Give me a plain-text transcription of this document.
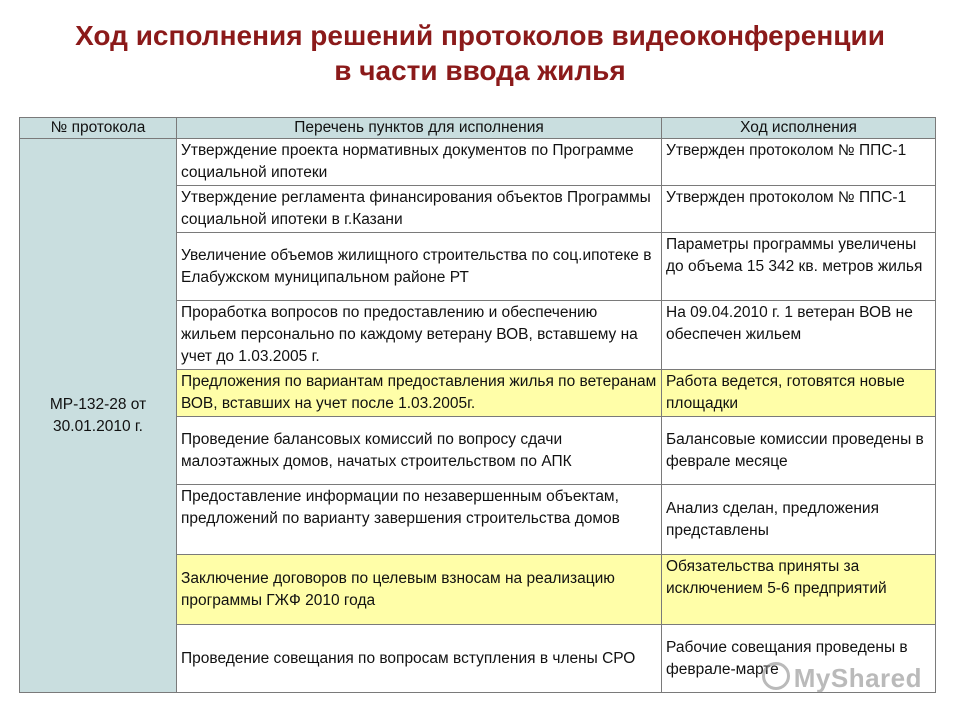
Ход исполнения решений протоколов видеоконференции
в части ввода жилья
№ протокола	Перечень пунктов для исполнения	Ход исполнения
МР-132-28 от 30.01.2010 г.	Утверждение проекта нормативных документов по Программе социальной ипотеки	Утвержден протоколом № ППС-1
	Утверждение регламента финансирования объектов Программы социальной ипотеки в г.Казани	Утвержден протоколом № ППС-1
	Увеличение объемов жилищного строительства по соц.ипотеке в Елабужском муниципальном районе РТ	Параметры программы увеличены до объема 15 342 кв. метров жилья
	Проработка вопросов по предоставлению и обеспечению жильем персонально по каждому ветерану ВОВ, вставшему на учет до 1.03.2005 г.	На 09.04.2010 г. 1 ветеран ВОВ не обеспечен жильем
	Предложения по вариантам предоставления жилья по ветеранам ВОВ, вставших на учет после 1.03.2005г.	Работа ведется, готовятся новые площадки
	Проведение балансовых комиссий по вопросу сдачи малоэтажных домов, начатых строительством по АПК	Балансовые комиссии проведены в феврале месяце
	Предоставление информации по незавершенным объектам, предложений по варианту завершения строительства домов	Анализ сделан, предложения представлены
	Заключение договоров по целевым взносам на реализацию программы ГЖФ 2010 года	Обязательства приняты за исключением 5-6 предприятий
	Проведение совещания по вопросам вступления в члены СРО	Рабочие совещания проведены в феврале-марте MyShared
